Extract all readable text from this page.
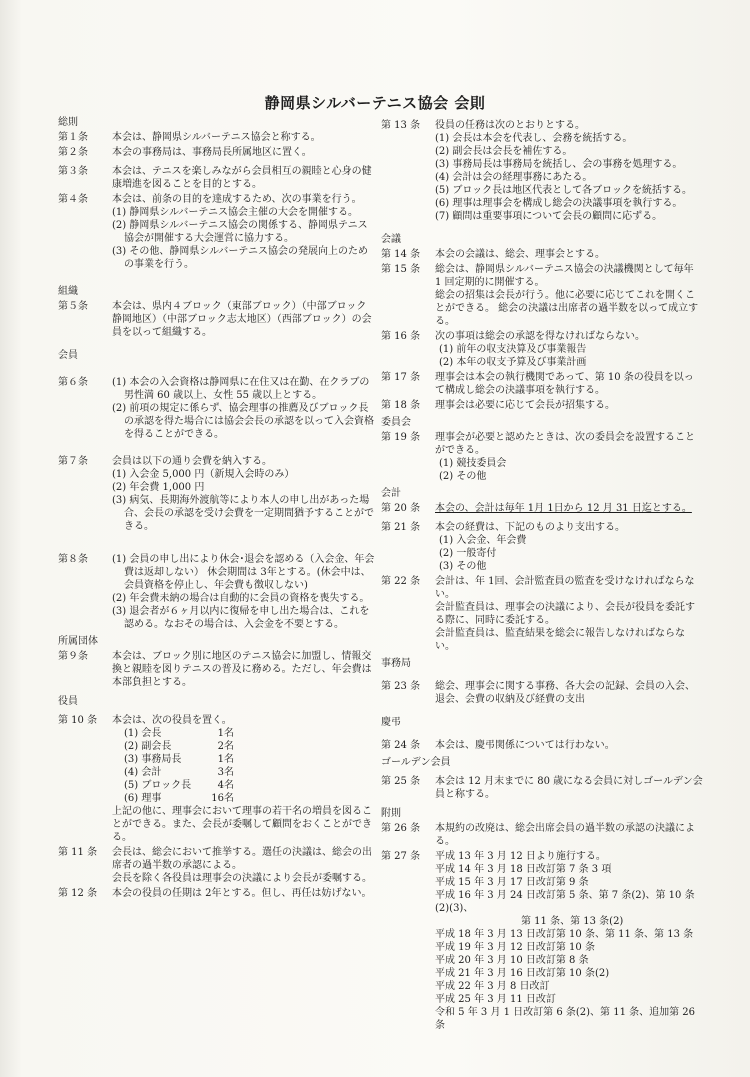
静岡県シルバーテニス協会 会則
総則
第１条	本会は、静岡県シルバーテニス協会と称する。

第２条	本会の事務局は、事務局長所属地区に置く。

第３条	本会は、テニスを楽しみながら会員相互の親睦と心身の健康増進を図ることを目的とする。

第４条	本会は、前条の目的を達成するため、次の事業を行う。

(1) 静岡県シルバーテニス協会主催の大会を開催する。

(2) 静岡県シルバーテニス協会の関係する、静岡県テニス協会が開催する大会運営に協力する。

(3) その他、静岡県シルバーテニス協会の発展向上のための事業を行う。

組織
第５条	本会は、県内４ブロック（東部ブロック）（中部ブロック静岡地区）（中部ブロック志太地区）（西部ブロック）の会員を以って組織する。

会員
第６条	(1) 本会の入会資格は静岡県に在住又は在勤、在クラブの男性満 60 歳以上、女性 55 歳以上とする。

(2) 前項の規定に係らず、協会理事の推薦及びブロック長の承認を得た場合には協会会長の承認を以って入会資格を得ることができる。

第７条	会員は以下の通り会費を納入する。

(1) 入会金 5,000 円（新規入会時のみ）

(2) 年会費 1,000 円

(3) 病気、長期海外渡航等により本人の申し出があった場合、会長の承認を受け会費を一定期間猶予することができる。

第８条	(1) 会員の申し出により休会･退会を認める（入会金、年会費は返却しない） 休会期間は 3年とする。(休会中は、会員資格を停止し、年会費も徴収しない)

(2) 年会費未納の場合は自動的に会員の資格を喪失する。

(3) 退会者が６ヶ月以内に復帰を申し出た場合は、これを認める。なおその場合は、入会金を不要とする。

所属団体
第９条	本会は、ブロック別に地区のテニス協会に加盟し、情報交換と親睦を図りテニスの普及に務める。ただし、年会費は本部負担とする。

役員
第 10 条	本会は、次の役員を置く。

(1) 会長	1名
(2) 副会長	2名
(3) 事務局長	1名
(4) 会計	3名
(5) ブロック長	4名
(6) 理事	16名

上記の他に、理事会において理事の若干名の増員を図ることができる。また、会長が委嘱して顧問をおくことができる。

第 11 条	会長は、総会において推挙する。選任の決議は、総会の出席者の過半数の承認による。

会長を除く各役員は理事会の決議により会長が委嘱する。

第 12 条	本会の役員の任期は 2年とする。但し、再任は妨げない。

第 13 条	役員の任務は次のとおりとする。

(1) 会長は本会を代表し、会務を統括する。

(2) 副会長は会長を補佐する。

(3) 事務局長は事務局を統括し、会の事務を処理する。

(4) 会計は会の経理事務にあたる。

(5) ブロック長は地区代表として各ブロックを統括する。

(6) 理事は理事会を構成し総会の決議事項を執行する。

(7) 顧問は重要事項について会長の顧問に応ずる。

会議
第 14 条	本会の会議は、総会、理事会とする。

第 15 条	総会は、静岡県シルバーテニス協会の決議機関として毎年 1 回定期的に開催する。

総会の招集は会長が行う。他に必要に応じてこれを開くことができる。 総会の決議は出席者の過半数を以って成立する。

第 16 条	次の事項は総会の承認を得なければならない。

(1) 前年の収支決算及び事業報告

(2) 本年の収支予算及び事業計画

第 17 条	理事会は本会の執行機関であって、第 10 条の役員を以って構成し総会の決議事項を執行する。

第 18 条	理事会は必要に応じて会長が招集する。

委員会
第 19 条	理事会が必要と認めたときは、次の委員会を設置することができる。

(1) 競技委員会

(2) その他

会計
第 20 条	本会の、会計は毎年 1月 1日から 12 月 31 日迄とする。

第 21 条	本会の経費は、下記のものより支出する。

(1) 入会金、年会費

(2) 一般寄付

(3) その他

第 22 条	会計は、年 1回、会計監査員の監査を受けなければならない。

会計監査員は、理事会の決議により、会長が役員を委託する際に、同時に委託する。

会計監査員は、監査結果を総会に報告しなければならない。

事務局
第 23 条	総会、理事会に関する事務、各大会の記録、会員の入会、退会、会費の収納及び経費の支出

慶弔
第 24 条	本会は、慶弔関係については行わない。

ゴールデン会員
第 25 条	本会は 12 月末までに 80 歳になる会員に対しゴールデン会員と称する。

附則
第 26 条	本規約の改廃は、総会出席会員の過半数の承認の決議による。

第 27 条	平成 13 年 3 月 12 日より施行する。

平成 14 年 3 月 18 日改訂第 7 条 3 項

平成 15 年 3 月 17 日改訂第 9 条

平成 16 年 3 月 24 日改訂第 5 条、第 7 条(2)、第 10 条(2)(3)、

第 11 条、第 13 条(2)

平成 18 年 3 月 13 日改訂第 10 条、第 11 条、第 13 条

平成 19 年 3 月 12 日改訂第 10 条

平成 20 年 3 月 10 日改訂第 8 条

平成 21 年 3 月 16 日改訂第 10 条(2)

平成 22 年 3 月 8 日改訂

平成 25 年 3 月 11 日改訂

令和 5 年 3 月 1 日改訂第 6 条(2)、第 11 条、追加第 26 条
